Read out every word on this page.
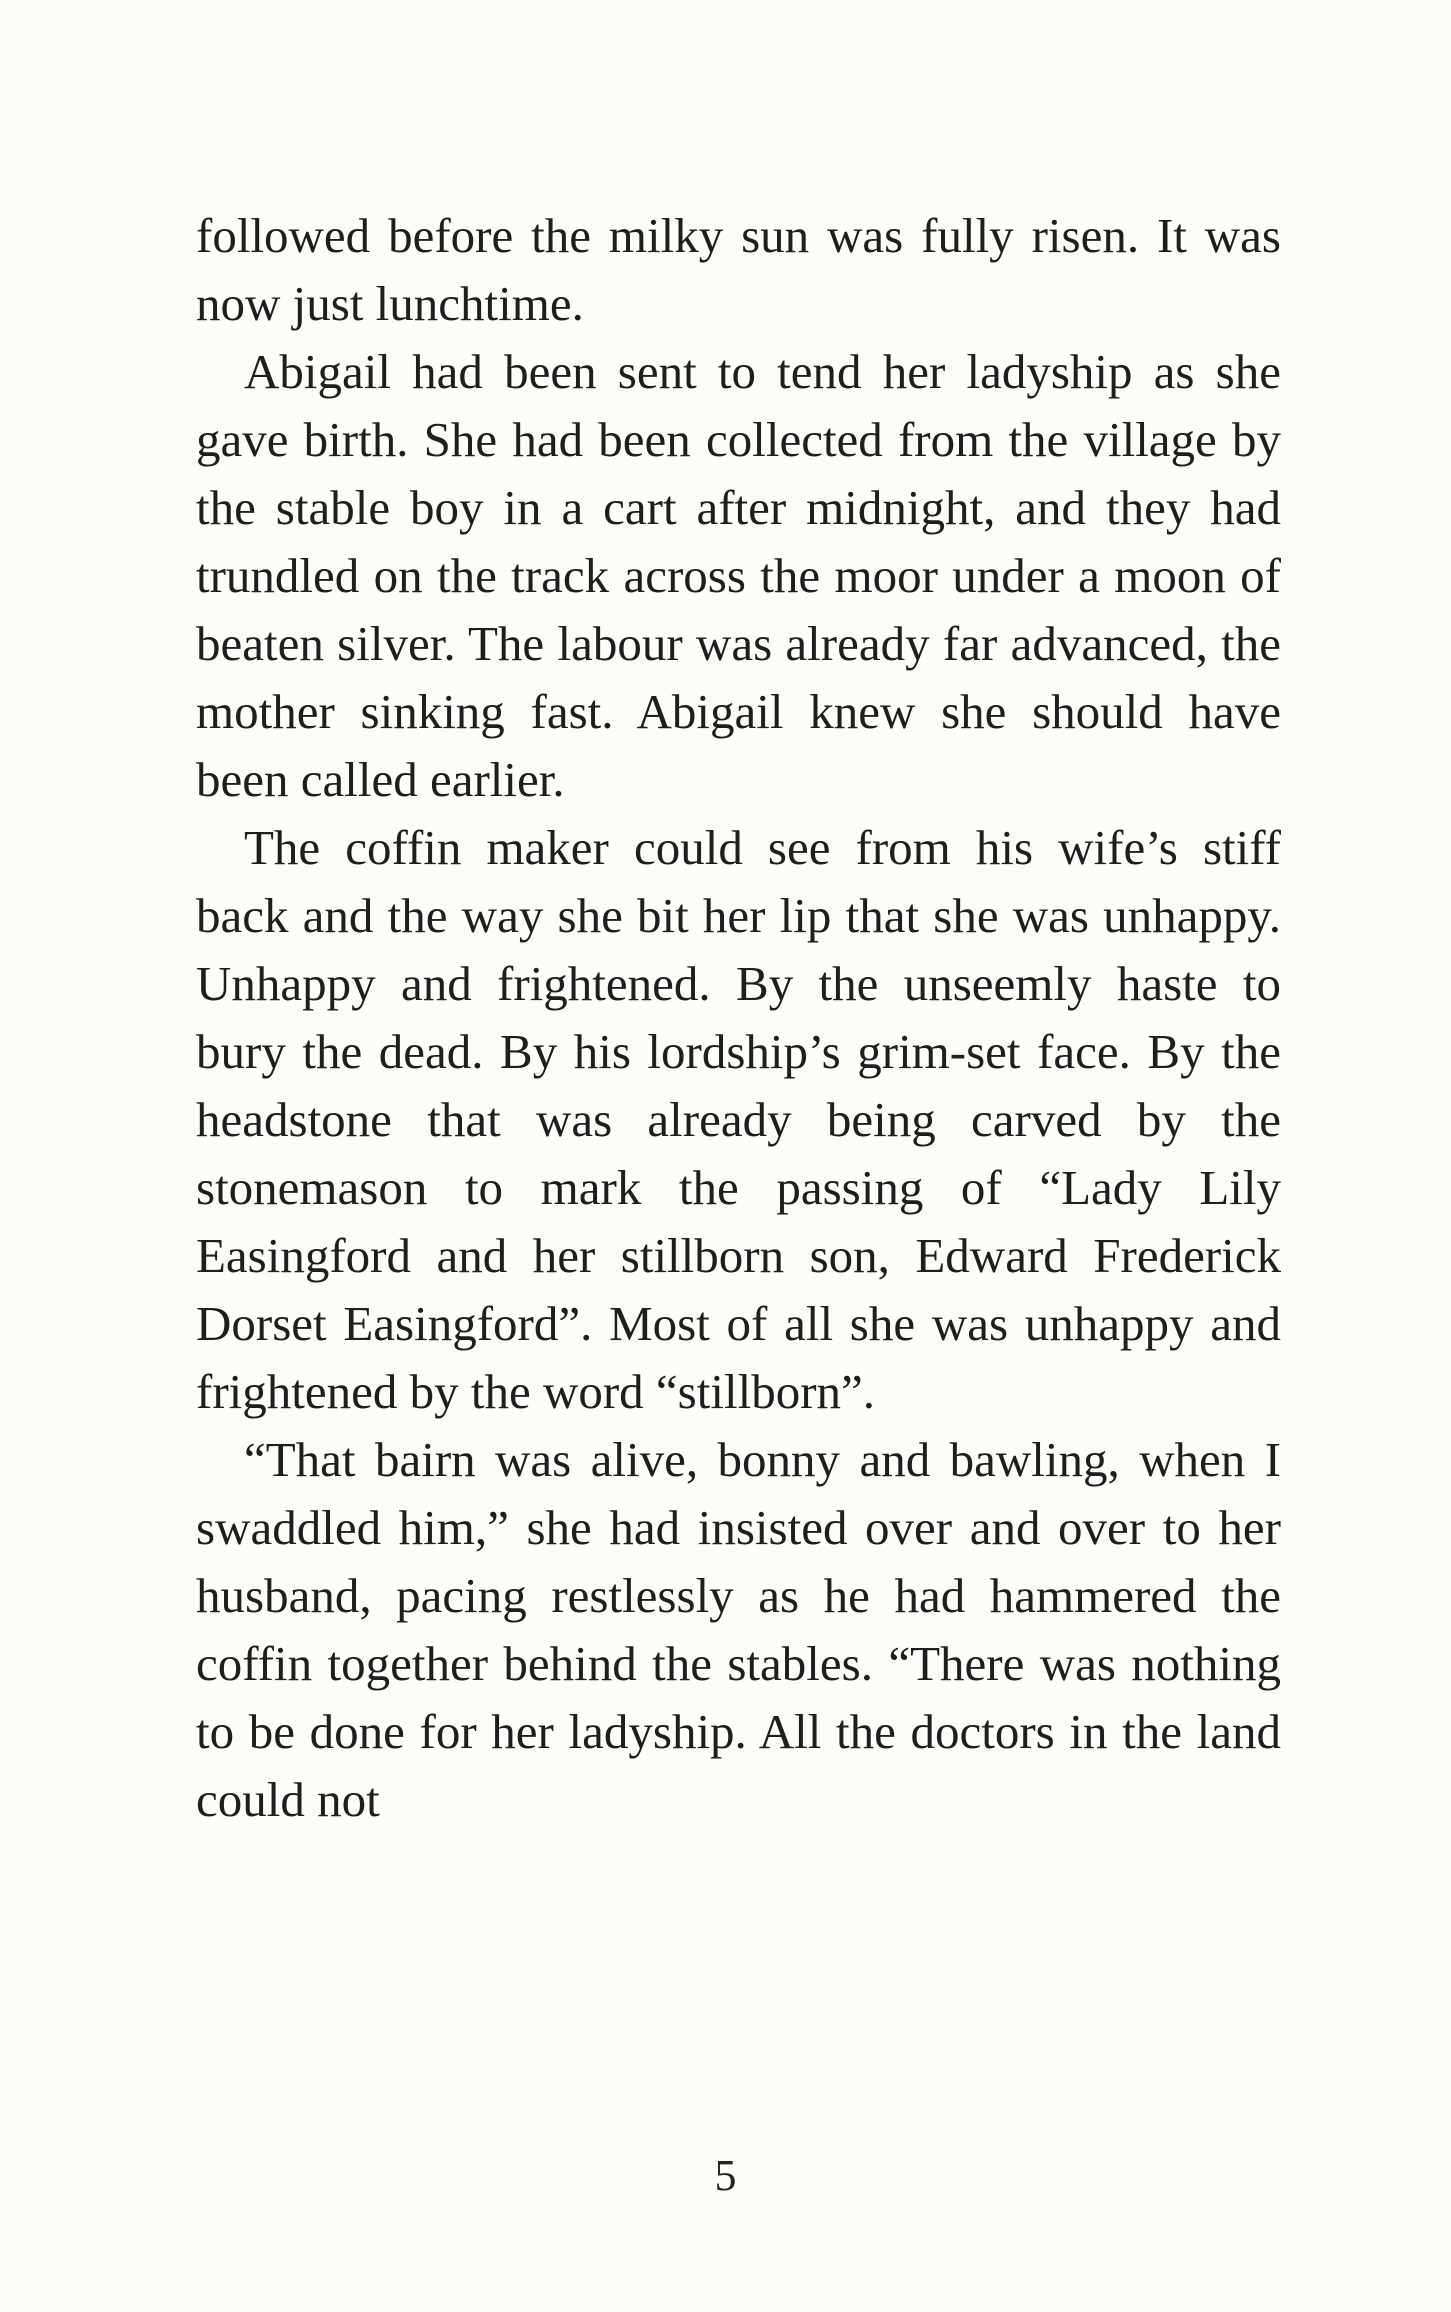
followed before the milky sun was fully risen. It was now just lunchtime.

Abigail had been sent to tend her ladyship as she gave birth. She had been collected from the village by the stable boy in a cart after midnight, and they had trundled on the track across the moor under a moon of beaten silver. The labour was already far advanced, the mother sinking fast. Abigail knew she should have been called earlier.

The coffin maker could see from his wife’s stiff back and the way she bit her lip that she was unhappy. Unhappy and frightened. By the unseemly haste to bury the dead. By his lordship’s grim-set face. By the headstone that was already being carved by the stonemason to mark the passing of “Lady Lily Easingford and her stillborn son, Edward Frederick Dorset Easingford”. Most of all she was unhappy and frightened by the word “stillborn”.

“That bairn was alive, bonny and bawling, when I swaddled him,” she had insisted over and over to her husband, pacing restlessly as he had hammered the coffin together behind the stables. “There was nothing to be done for her ladyship. All the doctors in the land could not

5
